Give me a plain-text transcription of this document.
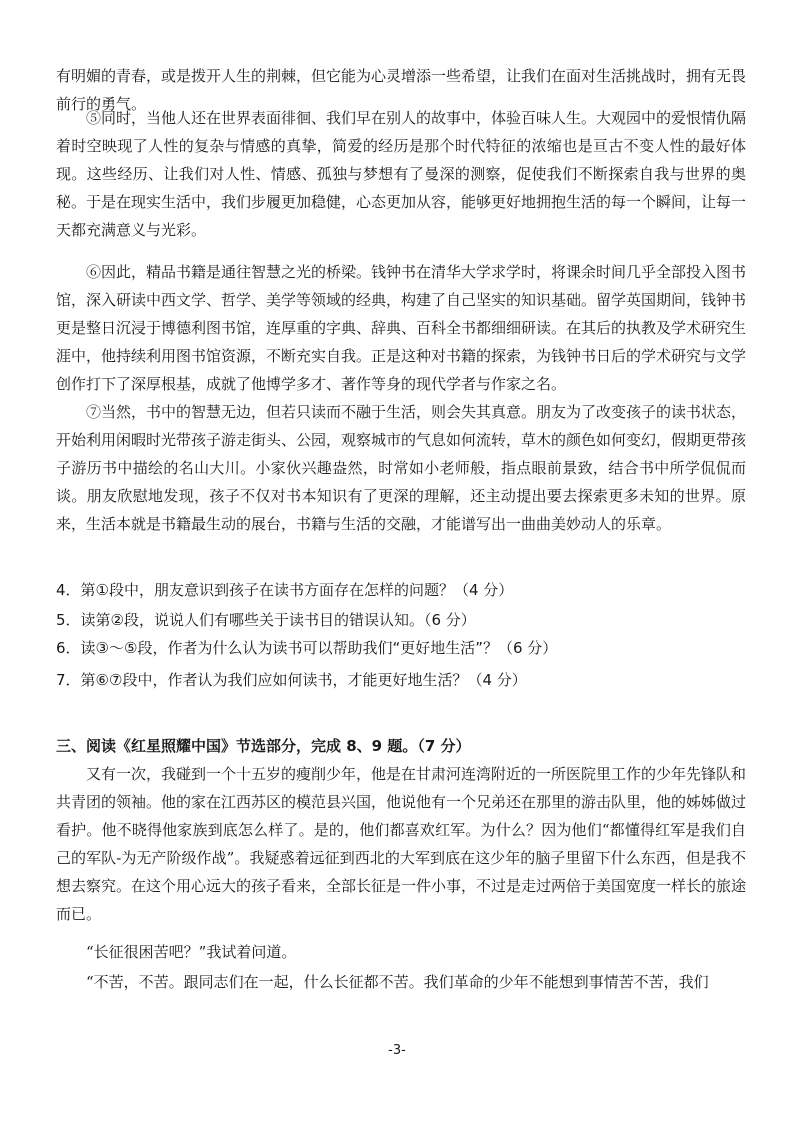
有明媚的青春，或是拨开人生的荆棘，但它能为心灵增添一些希望，让我们在面对生活挑战时，拥有无畏前行的勇气。

⑤同时，当他人还在世界表面徘徊、我们早在别人的故事中，体验百味人生。大观园中的爱恨情仇隔着时空映现了人性的复杂与情感的真挚，简爱的经历是那个时代特征的浓缩也是亘古不变人性的最好体现。这些经历、让我们对人性、情感、孤独与梦想有了曼深的测察，促使我们不断探索自我与世界的奥秘。于是在现实生活中，我们步履更加稳健，心态更加从容，能够更好地拥抱生活的每一个瞬间，让每一天都充满意义与光彩。

⑥因此，精品书籍是通往智慧之光的桥梁。钱钟书在清华大学求学时，将课余时间几乎全部投入图书馆，深入研读中西文学、哲学、美学等领域的经典，构建了自己坚实的知识基础。留学英国期间，钱钟书更是整日沉浸于博德利图书馆，连厚重的字典、辞典、百科全书都细细研读。在其后的执教及学术研究生涯中，他持续利用图书馆资源，不断充实自我。正是这种对书籍的探索，为钱钟书日后的学术研究与文学创作打下了深厚根基，成就了他博学多才、著作等身的现代学者与作家之名。

⑦当然，书中的智慧无边，但若只读而不融于生活，则会失其真意。朋友为了改变孩子的读书状态，开始利用闲暇时光带孩子游走街头、公园，观察城市的气息如何流转，草木的颜色如何变幻，假期更带孩子游历书中描绘的名山大川。小家伙兴趣盎然，时常如小老师般，指点眼前景致，结合书中所学侃侃而谈。朋友欣慰地发现，孩子不仅对书本知识有了更深的理解，还主动提出要去探索更多未知的世界。原来，生活本就是书籍最生动的展台，书籍与生活的交融，才能谱写出一曲曲美妙动人的乐章。

4．第①段中，朋友意识到孩子在读书方面存在怎样的问题？（4 分）

5．读第②段，说说人们有哪些关于读书目的错误认知。（6 分）

6．读③～⑤段，作者为什么认为读书可以帮助我们“更好地生活”？（6 分）

7．第⑥⑦段中，作者认为我们应如何读书，才能更好地生活？（4 分）

三、阅读《红星照耀中国》节选部分，完成 8、9 题。（7 分）

又有一次，我碰到一个十五岁的瘦削少年，他是在甘肃河连湾附近的一所医院里工作的少年先锋队和共青团的领袖。他的家在江西苏区的模范县兴国，他说他有一个兄弟还在那里的游击队里，他的姊姊做过看护。他不晓得他家族到底怎么样了。是的，他们都喜欢红军。为什么？因为他们“都懂得红军是我们自己的军队-为无产阶级作战”。我疑惑着远征到西北的大军到底在这少年的脑子里留下什么东西，但是我不想去察究。在这个用心远大的孩子看来，全部长征是一件小事，不过是走过两倍于美国宽度一样长的旅途而已。

“长征很困苦吧？”我试着问道。

“不苦，不苦。跟同志们在一起，什么长征都不苦。我们革命的少年不能想到事情苦不苦，我们

-3-
